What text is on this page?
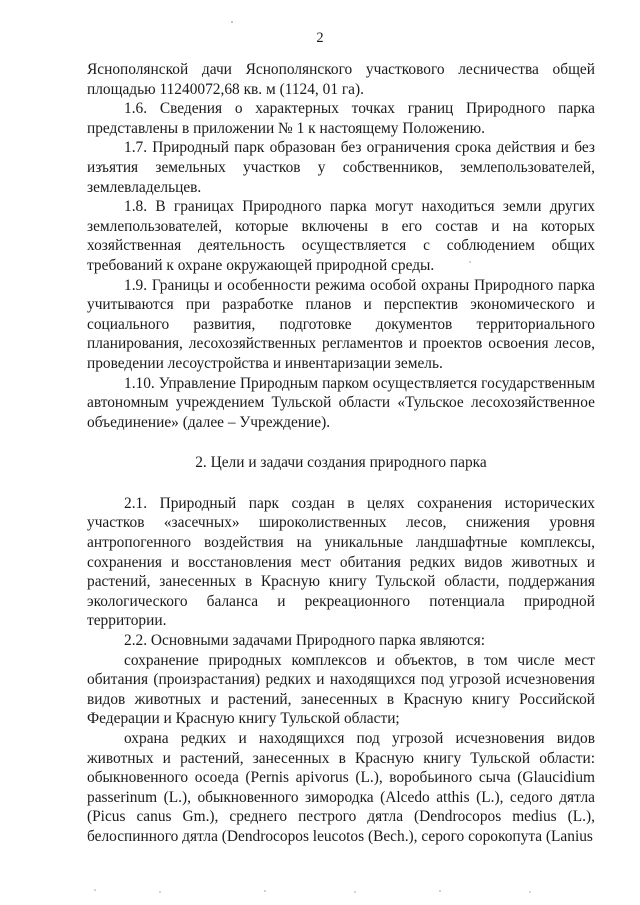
2

Яснополянской дачи Яснополянского участкового лесничества общей площадью 11240072,68 кв. м (1124, 01 га).

1.6. Сведения о характерных точках границ Природного парка представлены в приложении № 1 к настоящему Положению.

1.7. Природный парк образован без ограничения срока действия и без изъятия земельных участков у собственников, землепользователей, землевладельцев.

1.8. В границах Природного парка могут находиться земли других землепользователей, которые включены в его состав и на которых хозяйственная деятельность осуществляется с соблюдением общих требований к охране окружающей природной среды.

1.9. Границы и особенности режима особой охраны Природного парка учитываются при разработке планов и перспектив экономического и социального развития, подготовке документов территориального планирования, лесохозяйственных регламентов и проектов освоения лесов, проведении лесоустройства и инвентаризации земель.

1.10. Управление Природным парком осуществляется государственным автономным учреждением Тульской области «Тульское лесохозяйственное объединение» (далее – Учреждение).

2. Цели и задачи создания природного парка

2.1. Природный парк создан в целях сохранения исторических участков «засечных» широколиственных лесов, снижения уровня антропогенного воздействия на уникальные ландшафтные комплексы, сохранения и восстановления мест обитания редких видов животных и растений, занесенных в Красную книгу Тульской области, поддержания экологического баланса и рекреационного потенциала природной территории.

2.2. Основными задачами Природного парка являются:

сохранение природных комплексов и объектов, в том числе мест обитания (произрастания) редких и находящихся под угрозой исчезновения видов животных и растений, занесенных в Красную книгу Российской Федерации и Красную книгу Тульской области;

охрана редких и находящихся под угрозой исчезновения видов животных и растений, занесенных в Красную книгу Тульской области: обыкновенного осоеда (Pernis apivorus (L.), воробьиного сыча (Glaucidium passerinum (L.), обыкновенного зимородка (Alcedo atthis (L.), седого дятла (Picus canus Gm.), среднего пестрого дятла (Dendrocopos medius (L.), белоспинного дятла (Dendrocopos leucotos (Bech.), серого сорокопута (Lanius
